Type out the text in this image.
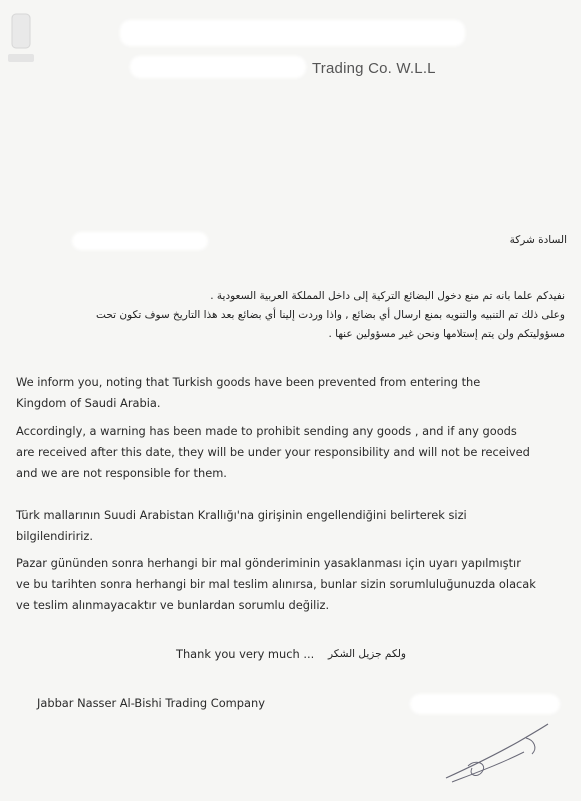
Trading Co. W.L.L
السادة شركة
نفيدكم علما بانه تم منع دخول البضائع التركية إلى داخل المملكة العربية السعودية .
وعلى ذلك تم التنبيه والتنويه بمنع ارسال أي بضائع , واذا وردت إلينا أي بضائع بعد هذا التاريخ سوف تكون تحت
مسؤوليتكم ولن يتم إستلامها ونحن غير مسؤولين عنها .
We inform you, noting that Turkish goods have been prevented from entering the
Kingdom of Saudi Arabia.
Accordingly, a warning has been made to prohibit sending any goods , and if any goods
are received after this date, they will be under your responsibility and will not be received
and we are not responsible for them.
Türk mallarının Suudi Arabistan Krallığı'na girişinin engellendiğini belirterek sizi
bilgilendiririz.
Pazar gününden sonra herhangi bir mal gönderiminin yasaklanması için uyarı yapılmıştır
ve bu tarihten sonra herhangi bir mal teslim alınırsa, bunlar sizin sorumluluğunuzda olacak
ve teslim alınmayacaktır ve bunlardan sorumlu değiliz.
Thank you very much ... ولكم جزيل الشكر
Jabbar Nasser Al-Bishi Trading Company
